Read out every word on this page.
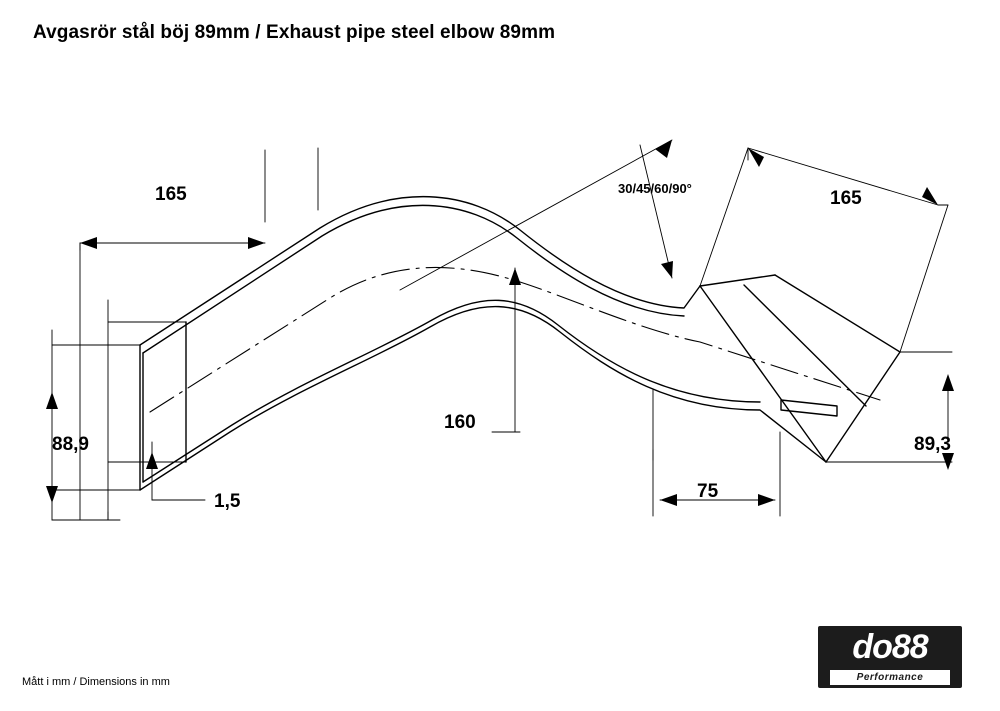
Avgasrör stål böj 89mm / Exhaust pipe steel elbow 89mm
165	165
88,9	89,3
1,5
160
75
30/45/60/90°
Mått i mm / Dimensions in mm
do88
Performance
